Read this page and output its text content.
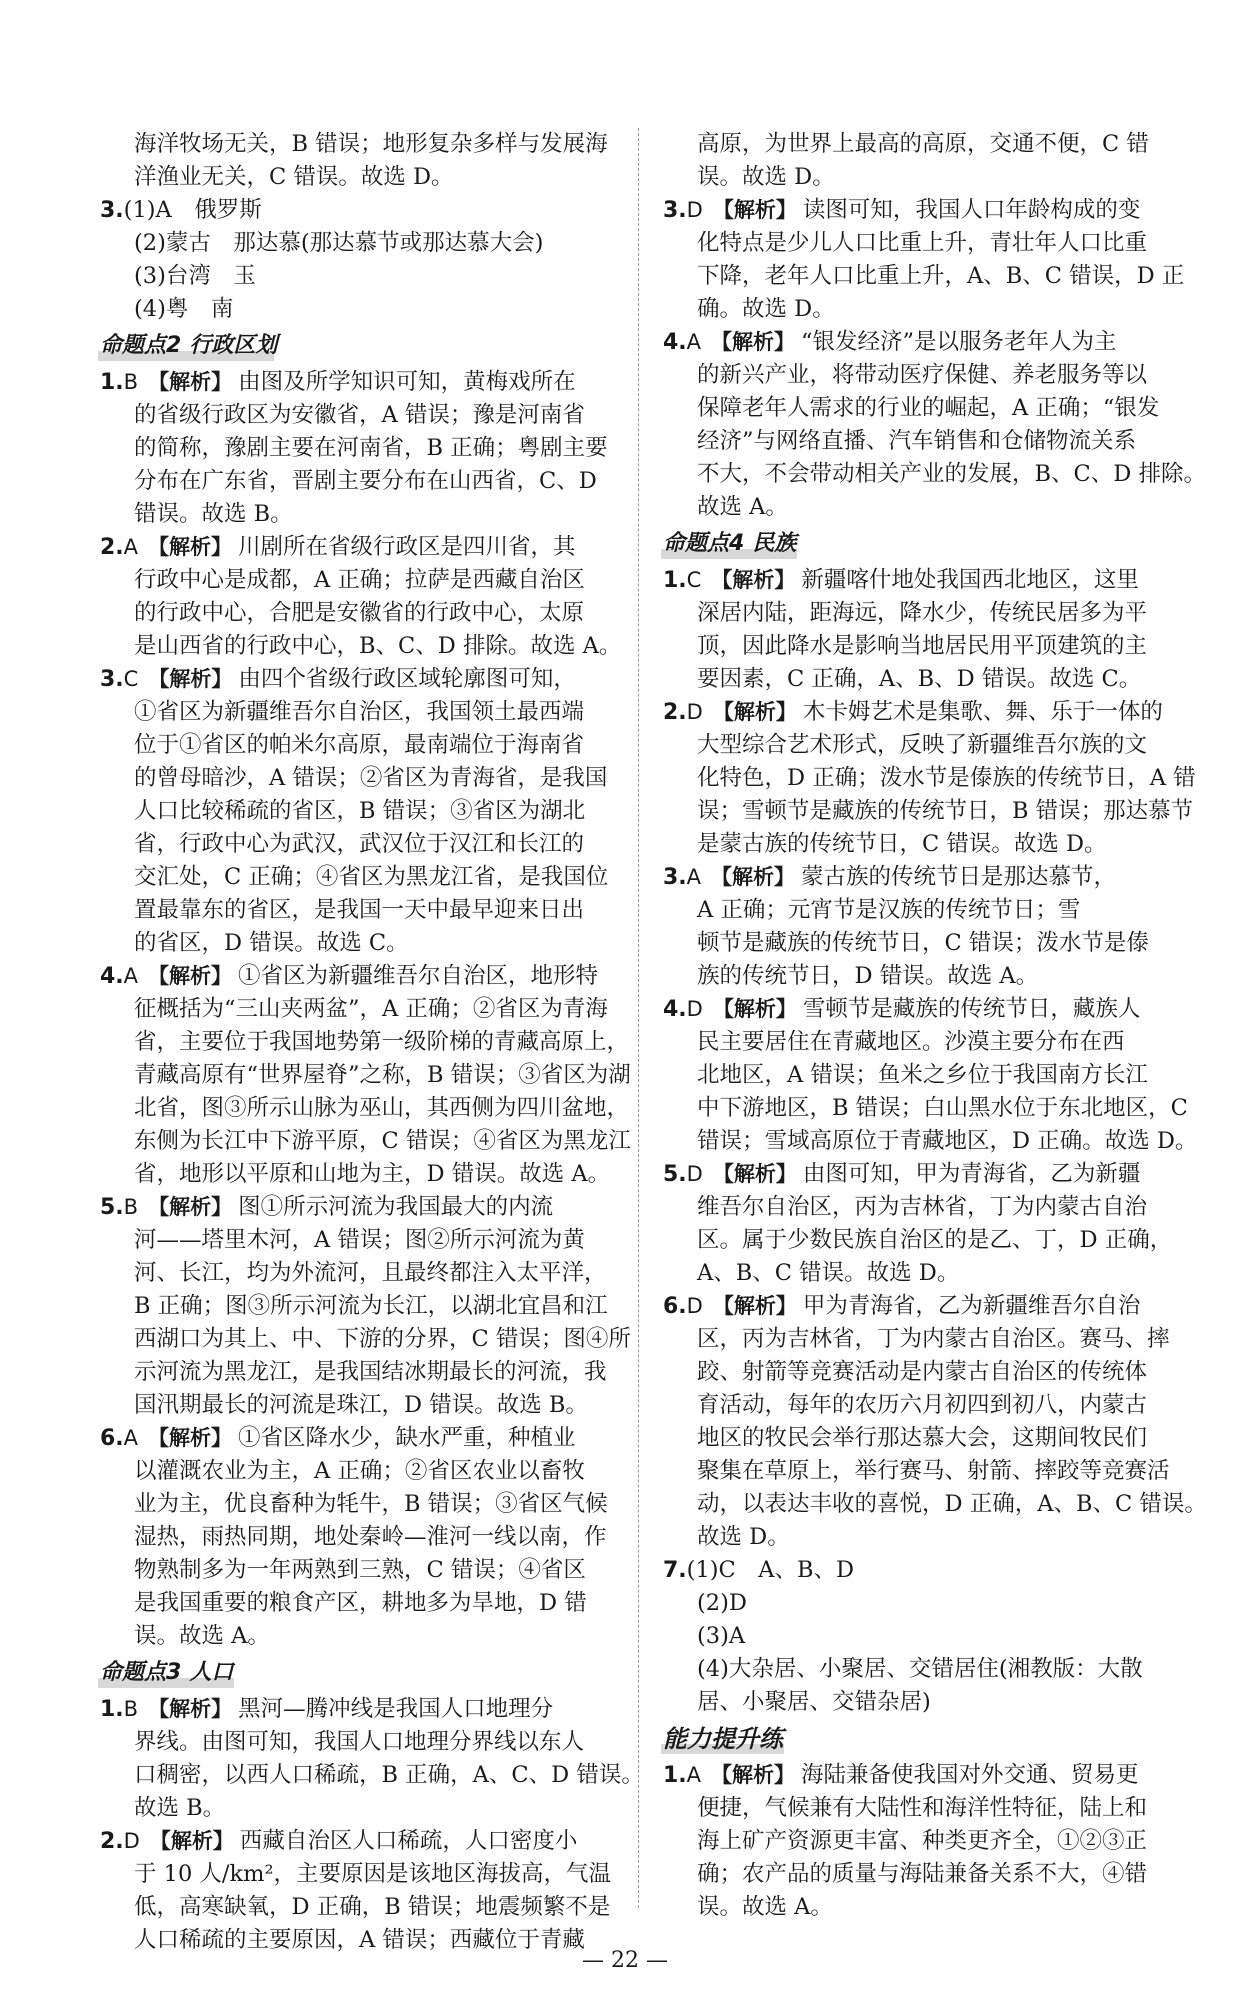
海洋牧场无关，B 错误；地形复杂多样与发展海

洋渔业无关，C 错误。故选 D。

3.(1)A　俄罗斯

(2)蒙古　那达慕(那达慕节或那达慕大会)

(3)台湾　玉

(4)粤　南

命题点2 行政区划

1.B 【解析】 由图及所学知识可知，黄梅戏所在

的省级行政区为安徽省，A 错误；豫是河南省

的简称，豫剧主要在河南省，B 正确；粤剧主要

分布在广东省，晋剧主要分布在山西省，C、D

错误。故选 B。

2.A 【解析】 川剧所在省级行政区是四川省，其

行政中心是成都，A 正确；拉萨是西藏自治区

的行政中心，合肥是安徽省的行政中心，太原

是山西省的行政中心，B、C、D 排除。故选 A。

3.C 【解析】 由四个省级行政区域轮廓图可知，

①省区为新疆维吾尔自治区，我国领土最西端

位于①省区的帕米尔高原，最南端位于海南省

的曾母暗沙，A 错误；②省区为青海省，是我国

人口比较稀疏的省区，B 错误；③省区为湖北

省，行政中心为武汉，武汉位于汉江和长江的

交汇处，C 正确；④省区为黑龙江省，是我国位

置最靠东的省区，是我国一天中最早迎来日出

的省区，D 错误。故选 C。

4.A 【解析】 ①省区为新疆维吾尔自治区，地形特

征概括为“三山夹两盆”，A 正确；②省区为青海

省，主要位于我国地势第一级阶梯的青藏高原上，

青藏高原有“世界屋脊”之称，B 错误；③省区为湖

北省，图③所示山脉为巫山，其西侧为四川盆地，

东侧为长江中下游平原，C 错误；④省区为黑龙江

省，地形以平原和山地为主，D 错误。故选 A。

5.B 【解析】 图①所示河流为我国最大的内流

河——塔里木河，A 错误；图②所示河流为黄

河、长江，均为外流河，且最终都注入太平洋，

B 正确；图③所示河流为长江，以湖北宜昌和江

西湖口为其上、中、下游的分界，C 错误；图④所

示河流为黑龙江，是我国结冰期最长的河流，我

国汛期最长的河流是珠江，D 错误。故选 B。

6.A 【解析】 ①省区降水少，缺水严重，种植业

以灌溉农业为主，A 正确；②省区农业以畜牧

业为主，优良畜种为牦牛，B 错误；③省区气候

湿热，雨热同期，地处秦岭—淮河一线以南，作

物熟制多为一年两熟到三熟，C 错误；④省区

是我国重要的粮食产区，耕地多为旱地，D 错

误。故选 A。

命题点3 人口

1.B 【解析】 黑河—腾冲线是我国人口地理分

界线。由图可知，我国人口地理分界线以东人

口稠密，以西人口稀疏，B 正确，A、C、D 错误。

故选 B。

2.D 【解析】 西藏自治区人口稀疏，人口密度小

于 10 人/km²，主要原因是该地区海拔高，气温

低，高寒缺氧，D 正确，B 错误；地震频繁不是

人口稀疏的主要原因，A 错误；西藏位于青藏

高原，为世界上最高的高原，交通不便，C 错

误。故选 D。

3.D 【解析】 读图可知，我国人口年龄构成的变

化特点是少儿人口比重上升，青壮年人口比重

下降，老年人口比重上升，A、B、C 错误，D 正

确。故选 D。

4.A 【解析】 “银发经济”是以服务老年人为主

的新兴产业，将带动医疗保健、养老服务等以

保障老年人需求的行业的崛起，A 正确；“银发

经济”与网络直播、汽车销售和仓储物流关系

不大，不会带动相关产业的发展，B、C、D 排除。

故选 A。

命题点4 民族

1.C 【解析】 新疆喀什地处我国西北地区，这里

深居内陆，距海远，降水少，传统民居多为平

顶，因此降水是影响当地居民用平顶建筑的主

要因素，C 正确，A、B、D 错误。故选 C。

2.D 【解析】 木卡姆艺术是集歌、舞、乐于一体的

大型综合艺术形式，反映了新疆维吾尔族的文

化特色，D 正确；泼水节是傣族的传统节日，A 错

误；雪顿节是藏族的传统节日，B 错误；那达慕节

是蒙古族的传统节日，C 错误。故选 D。

3.A 【解析】 蒙古族的传统节日是那达慕节，

A 正确；元宵节是汉族的传统节日；雪

顿节是藏族的传统节日，C 错误；泼水节是傣

族的传统节日，D 错误。故选 A。

4.D 【解析】 雪顿节是藏族的传统节日，藏族人

民主要居住在青藏地区。沙漠主要分布在西

北地区，A 错误；鱼米之乡位于我国南方长江

中下游地区，B 错误；白山黑水位于东北地区，C

错误；雪域高原位于青藏地区，D 正确。故选 D。

5.D 【解析】 由图可知，甲为青海省，乙为新疆

维吾尔自治区，丙为吉林省，丁为内蒙古自治

区。属于少数民族自治区的是乙、丁，D 正确，

A、B、C 错误。故选 D。

6.D 【解析】 甲为青海省，乙为新疆维吾尔自治

区，丙为吉林省，丁为内蒙古自治区。赛马、摔

跤、射箭等竞赛活动是内蒙古自治区的传统体

育活动，每年的农历六月初四到初八，内蒙古

地区的牧民会举行那达慕大会，这期间牧民们

聚集在草原上，举行赛马、射箭、摔跤等竞赛活

动，以表达丰收的喜悦，D 正确，A、B、C 错误。

故选 D。

7.(1)C　A、B、D

(2)D

(3)A

(4)大杂居、小聚居、交错居住(湘教版：大散

居、小聚居、交错杂居)

能力提升练

1.A 【解析】 海陆兼备使我国对外交通、贸易更

便捷，气候兼有大陆性和海洋性特征，陆上和

海上矿产资源更丰富、种类更齐全，①②③正

确；农产品的质量与海陆兼备关系不大，④错

误。故选 A。

— 22 —
